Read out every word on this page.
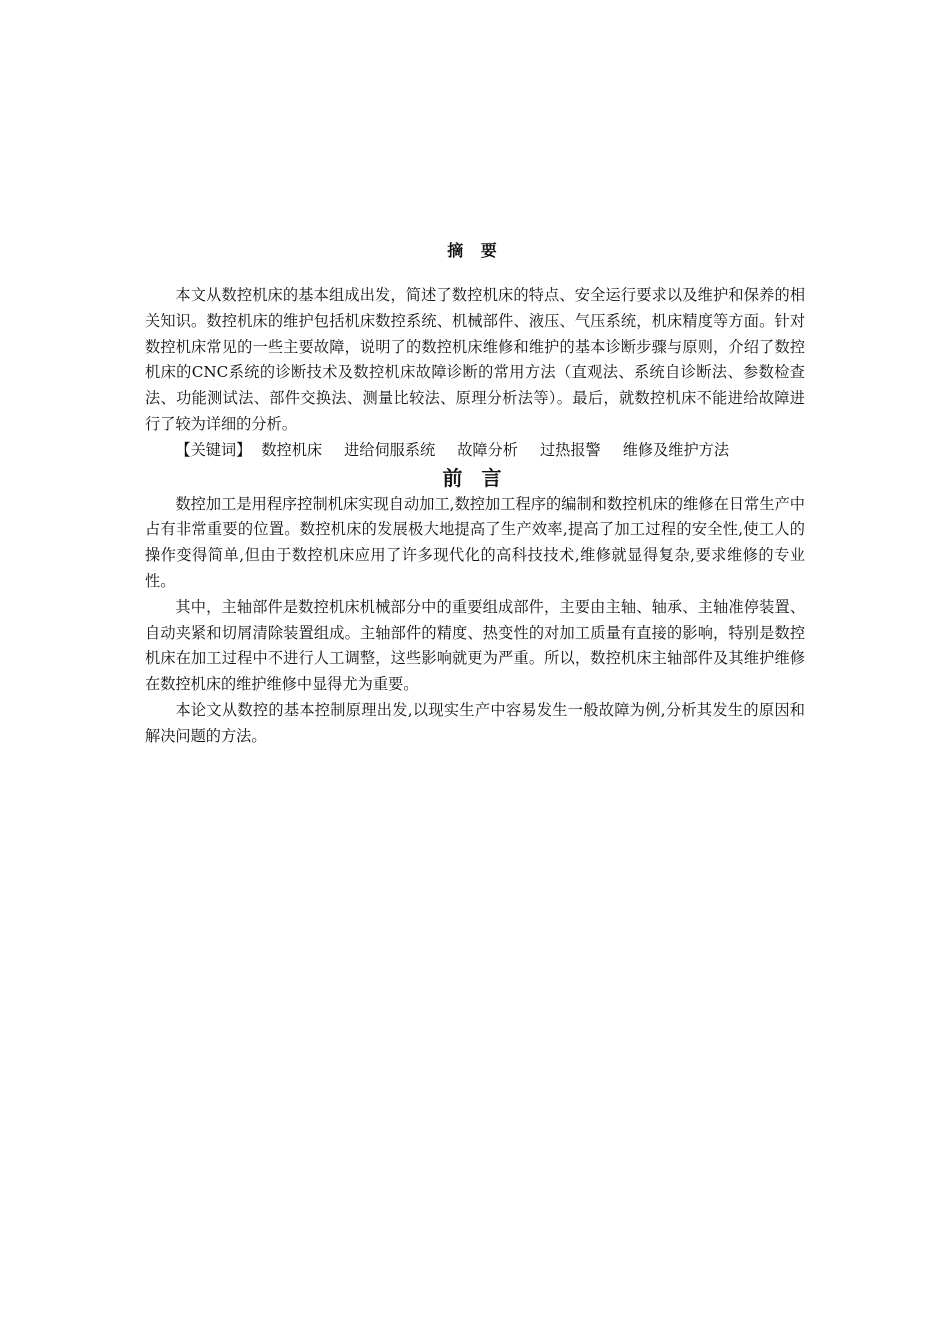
摘 要

本文从数控机床的基本组成出发，简述了数控机床的特点、安全运行要求以及维护和保养的相关知识。数控机床的维护包括机床数控系统、机械部件、液压、气压系统，机床精度等方面。针对数控机床常见的一些主要故障，说明了的数控机床维修和维护的基本诊断步骤与原则，介绍了数控机床的CNC系统的诊断技术及数控机床故障诊断的常用方法（直观法、系统自诊断法、参数检查法、功能测试法、部件交换法、测量比较法、原理分析法等）。最后，就数控机床不能进给故障进行了较为详细的分析。

【关键词】 数控机床 进给伺服系统 故障分析 过热报警 维修及维护方法

前 言

数控加工是用程序控制机床实现自动加工,数控加工程序的编制和数控机床的维修在日常生产中占有非常重要的位置。数控机床的发展极大地提高了生产效率,提高了加工过程的安全性,使工人的操作变得简单,但由于数控机床应用了许多现代化的高科技技术,维修就显得复杂,要求维修的专业性。

其中，主轴部件是数控机床机械部分中的重要组成部件，主要由主轴、轴承、主轴准停装置、自动夹紧和切屑清除装置组成。主轴部件的精度、热变性的对加工质量有直接的影响，特别是数控机床在加工过程中不进行人工调整，这些影响就更为严重。所以，数控机床主轴部件及其维护维修在数控机床的维护维修中显得尤为重要。

本论文从数控的基本控制原理出发,以现实生产中容易发生一般故障为例,分析其发生的原因和解决问题的方法。
